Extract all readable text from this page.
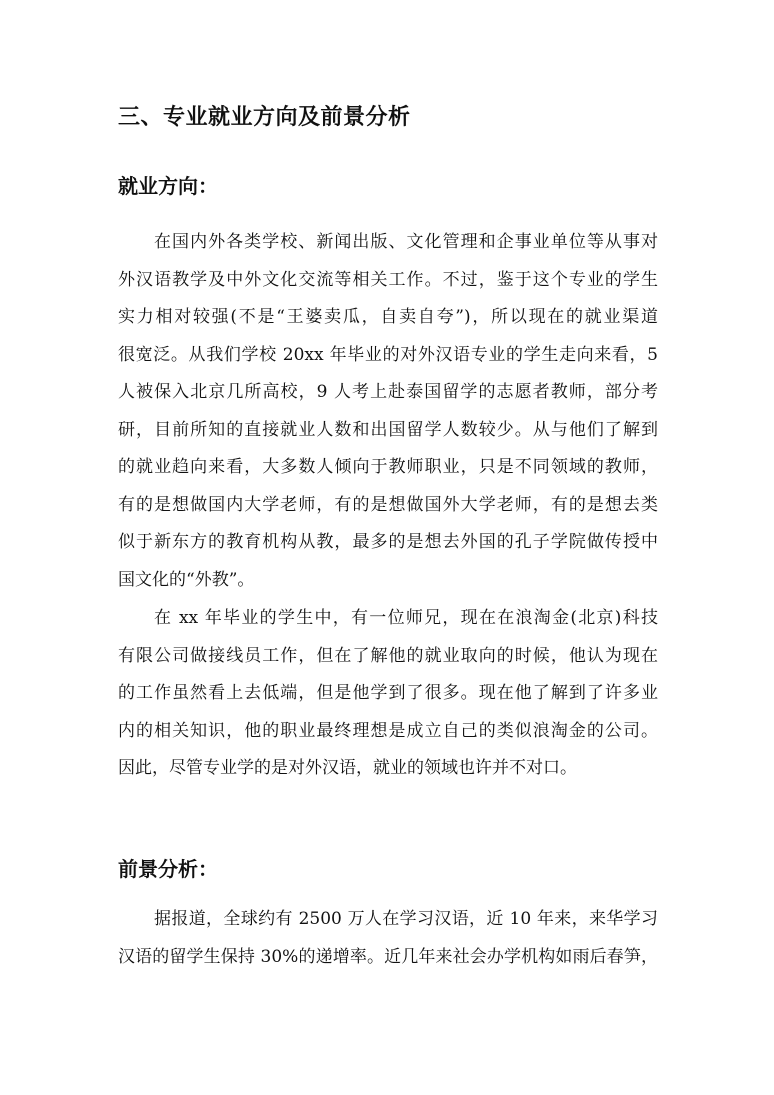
三、专业就业方向及前景分析
就业方向：
在国内外各类学校、新闻出版、文化管理和企事业单位等从事对
外汉语教学及中外文化交流等相关工作。不过，鉴于这个专业的学生
实力相对较强(不是“王婆卖瓜，自卖自夸”)，所以现在的就业渠道
很宽泛。从我们学校 20xx 年毕业的对外汉语专业的学生走向来看，5
人被保入北京几所高校，9 人考上赴泰国留学的志愿者教师，部分考
研，目前所知的直接就业人数和出国留学人数较少。从与他们了解到
的就业趋向来看，大多数人倾向于教师职业，只是不同领域的教师，
有的是想做国内大学老师，有的是想做国外大学老师，有的是想去类
似于新东方的教育机构从教，最多的是想去外国的孔子学院做传授中
国文化的“外教”。
在 xx 年毕业的学生中，有一位师兄，现在在浪淘金(北京)科技
有限公司做接线员工作，但在了解他的就业取向的时候，他认为现在
的工作虽然看上去低端，但是他学到了很多。现在他了解到了许多业
内的相关知识，他的职业最终理想是成立自己的类似浪淘金的公司。
因此，尽管专业学的是对外汉语，就业的领域也许并不对口。
前景分析：
据报道，全球约有 2500 万人在学习汉语，近 10 年来，来华学习
汉语的留学生保持 30%的递增率。近几年来社会办学机构如雨后春笋，
